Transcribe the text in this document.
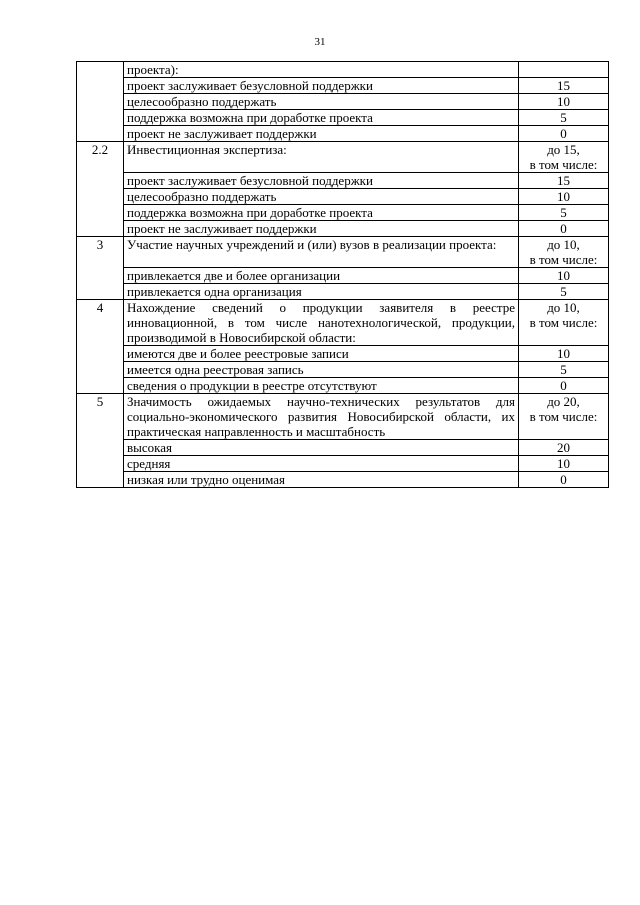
31
	проекта):	
	проект заслуживает безусловной поддержки	15
	целесообразно поддержать	10
	поддержка возможна при доработке проекта	5
	проект не заслуживает поддержки	0
2.2	Инвестиционная экспертиза:	до 15,
в том числе:
	проект заслуживает безусловной поддержки	15
	целесообразно поддержать	10
	поддержка возможна при доработке проекта	5
	проект не заслуживает поддержки	0
3	Участие научных учреждений и (или) вузов в реализации проекта:	до 10,
в том числе:
	привлекается две и более организации	10
	привлекается одна организация	5
4	Нахождение сведений о продукции заявителя в реестре инновационной, в том числе нанотехнологической, продукции, производимой в Новосибирской области:	до 10,
в том числе:
	имеются две и более реестровые записи	10
	имеется одна реестровая запись	5
	сведения о продукции в реестре отсутствуют	0
5	Значимость ожидаемых научно-технических результатов для социально-экономического развития Новосибирской области, их практическая направленность и масштабность	до 20,
в том числе:
	высокая	20
	средняя	10
	низкая или трудно оценимая	0
